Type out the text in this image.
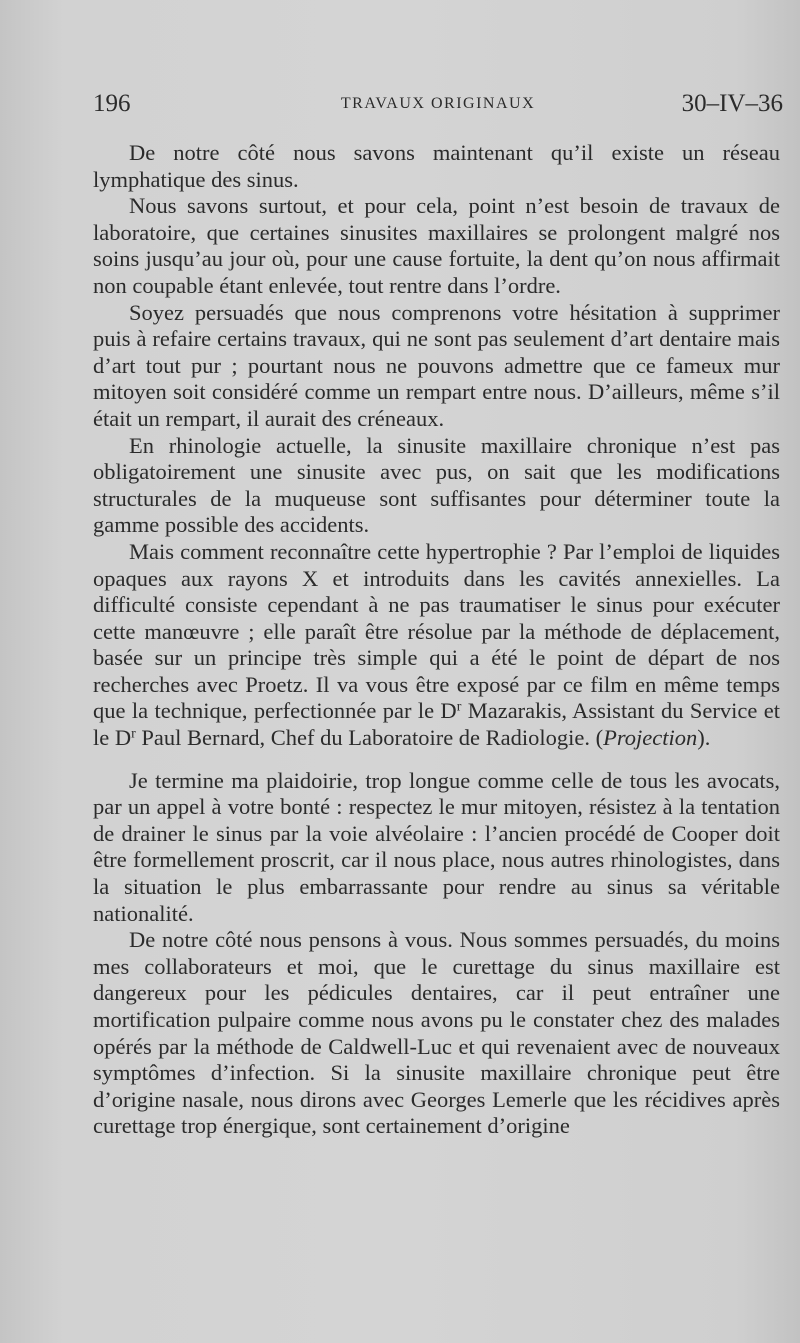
196	TRAVAUX ORIGINAUX	30–IV–36

De notre côté nous savons maintenant qu’il existe un réseau lymphatique des sinus.

Nous savons surtout, et pour cela, point n’est besoin de travaux de laboratoire, que certaines sinusites maxillaires se prolongent malgré nos soins jusqu’au jour où, pour une cause fortuite, la dent qu’on nous affirmait non coupable étant enlevée, tout rentre dans l’ordre.

Soyez persuadés que nous comprenons votre hésitation à supprimer puis à refaire certains travaux, qui ne sont pas seulement d’art dentaire mais d’art tout pur ; pourtant nous ne pouvons admettre que ce fameux mur mitoyen soit considéré comme un rempart entre nous. D’ailleurs, même s’il était un rempart, il aurait des créneaux.

En rhinologie actuelle, la sinusite maxillaire chronique n’est pas obligatoirement une sinusite avec pus, on sait que les modifications structurales de la muqueuse sont suffisantes pour déterminer toute la gamme possible des accidents.

Mais comment reconnaître cette hypertrophie ? Par l’emploi de liquides opaques aux rayons X et introduits dans les cavités annexielles. La difficulté consiste cependant à ne pas traumatiser le sinus pour exécuter cette manœuvre ; elle paraît être résolue par la méthode de déplacement, basée sur un principe très simple qui a été le point de départ de nos recherches avec Proetz. Il va vous être exposé par ce film en même temps que la technique, perfectionnée par le $D^r$ Mazarakis, Assistant du Service et le $D^r$ Paul Bernard, Chef du Laboratoire de Radiologie. (Projection).

Je termine ma plaidoirie, trop longue comme celle de tous les avocats, par un appel à votre bonté : respectez le mur mitoyen, résistez à la tentation de drainer le sinus par la voie alvéolaire : l’ancien procédé de Cooper doit être formellement proscrit, car il nous place, nous autres rhinologistes, dans la situation le plus embarrassante pour rendre au sinus sa véritable nationalité.

De notre côté nous pensons à vous. Nous sommes persuadés, du moins mes collaborateurs et moi, que le curettage du sinus maxillaire est dangereux pour les pédicules dentaires, car il peut entraîner une mortification pulpaire comme nous avons pu le constater chez des malades opérés par la méthode de Caldwell-Luc et qui revenaient avec de nouveaux symptômes d’infection. Si la sinusite maxillaire chronique peut être d’origine nasale, nous dirons avec Georges Lemerle que les récidives après curettage trop énergique, sont certainement d’origine
